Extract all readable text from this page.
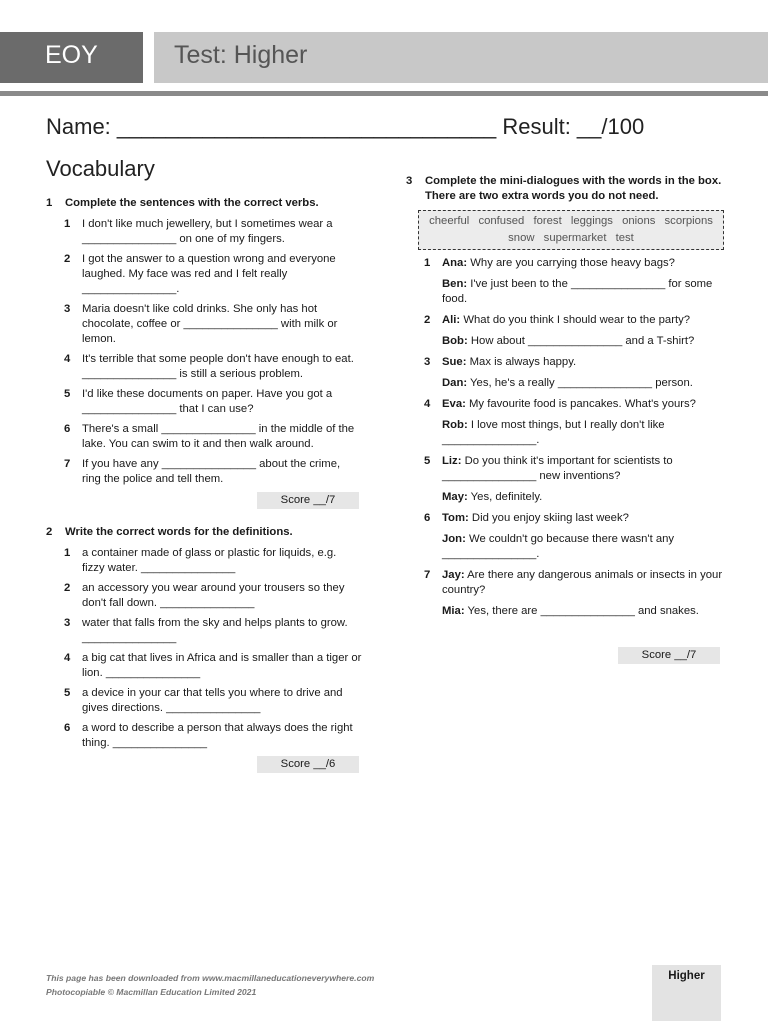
EOY	Test: Higher
Name: _______________________________ Result: __/100
Vocabulary
1	Complete the sentences with the correct verbs.
1	I don't like much jewellery, but I sometimes wear a _______________ on one of my fingers.
2	I got the answer to a question wrong and everyone laughed. My face was red and I felt really _______________.
3	Maria doesn't like cold drinks. She only has hot chocolate, coffee or _______________ with milk or lemon.
4	It's terrible that some people don't have enough to eat. _______________ is still a serious problem.
5	I'd like these documents on paper. Have you got a _______________ that I can use?
6	There's a small _______________ in the middle of the lake. You can swim to it and then walk around.
7	If you have any _______________ about the crime, ring the police and tell them.
Score __/7
2	Write the correct words for the definitions.
1	a container made of glass or plastic for liquids, e.g. fizzy water. _______________
2	an accessory you wear around your trousers so they don't fall down. _______________
3	water that falls from the sky and helps plants to grow. _______________
4	a big cat that lives in Africa and is smaller than a tiger or lion. _______________
5	a device in your car that tells you where to drive and gives directions. _______________
6	a word to describe a person that always does the right thing. _______________
Score __/6
3	Complete the mini-dialogues with the words in the box. There are two extra words you do not need.
cheerful confused forest leggings onions scorpions snow supermarket test
1	Ana: Why are you carrying those heavy bags?
Ben: I've just been to the _______________ for some food.
2	Ali: What do you think I should wear to the party?
Bob: How about _______________ and a T-shirt?
3	Sue: Max is always happy.
Dan: Yes, he's a really _______________ person.
4	Eva: My favourite food is pancakes. What's yours?
Rob: I love most things, but I really don't like _______________.
5	Liz: Do you think it's important for scientists to _______________ new inventions?
May: Yes, definitely.
6	Tom: Did you enjoy skiing last week?
Jon: We couldn't go because there wasn't any _______________.
7	Jay: Are there any dangerous animals or insects in your country?
Mia: Yes, there are _______________ and snakes.
Score __/7
This page has been downloaded from www.macmillaneducationeverywhere.com
Photocopiable © Macmillan Education Limited 2021
Higher
